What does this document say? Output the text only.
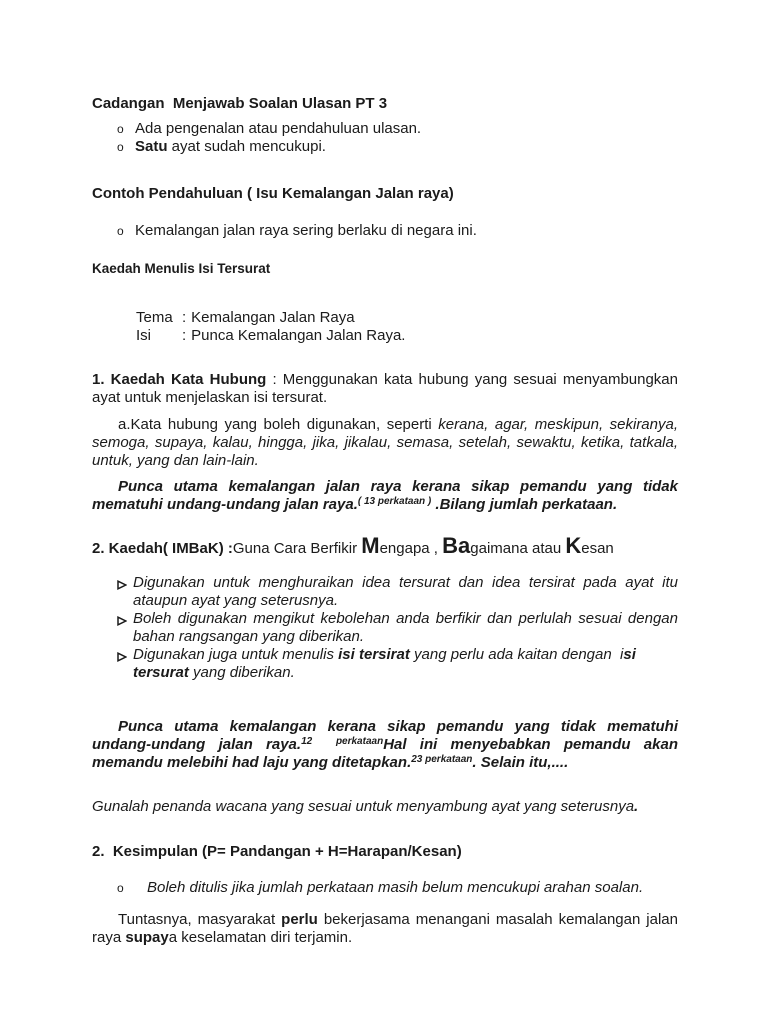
Cadangan  Menjawab Soalan Ulasan PT 3
o Ada pengenalan atau pendahuluan ulasan.
o Satu ayat sudah mencukupi.
Contoh Pendahuluan ( Isu Kemalangan Jalan raya)
o Kemalangan jalan raya sering berlaku di negara ini.
Kaedah Menulis Isi Tersurat
Tema : Kemalangan Jalan Raya
Isi : Punca Kemalangan Jalan Raya.
1. Kaedah Kata Hubung : Menggunakan kata hubung yang sesuai menyambungkan ayat untuk menjelaskan isi tersurat.
a.Kata hubung yang boleh digunakan, seperti kerana, agar, meskipun, sekiranya, semoga, supaya, kalau, hingga, jika, jikalau, semasa, setelah, sewaktu, ketika, tatkala, untuk, yang dan lain-lain.
Punca utama kemalangan jalan raya kerana sikap pemandu yang tidak mematuhi undang-undang jalan raya.$^{( 13 perkataan )}$ .Bilang jumlah perkataan.
2. Kaedah( IMBaK) :Guna Cara Berfikir Mengapa , Bagaimana atau Kesan
Digunakan untuk menghuraikan idea tersurat dan idea tersirat pada ayat itu ataupun ayat yang seterusnya.
Boleh digunakan mengikut kebolehan anda berfikir dan perlulah sesuai dengan bahan rangsangan yang diberikan.
Digunakan juga untuk menulis isi tersirat yang perlu ada kaitan dengan  isi tersurat yang diberikan.
Punca utama kemalangan kerana sikap pemandu yang tidak mematuhi undang-undang jalan raya.$^{12 perkataan}$Hal ini menyebabkan pemandu akan memandu melebihi had laju yang ditetapkan.$^{23 perkataan}$. Selain itu,....
Gunalah penanda wacana yang sesuai untuk menyambung ayat yang seterusnya.
2.  Kesimpulan (P= Pandangan + H=Harapan/Kesan)
o	Boleh ditulis jika jumlah perkataan masih belum mencukupi arahan soalan.
Tuntasnya, masyarakat perlu bekerjasama menangani masalah kemalangan jalan raya supaya keselamatan diri terjamin.
